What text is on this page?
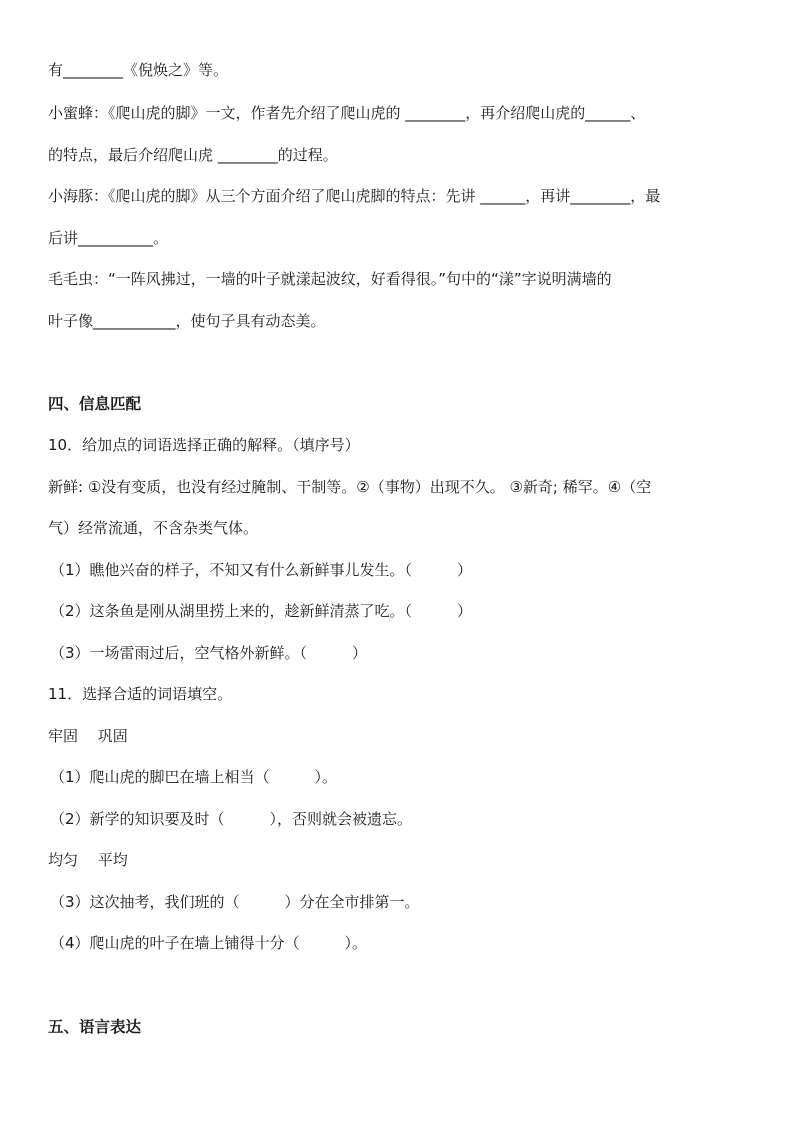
有________《倪焕之》等。
小蜜蜂：《爬山虎的脚》一文，作者先介绍了爬山虎的 ________，再介绍爬山虎的______、
的特点，最后介绍爬山虎 ________的过程。
小海豚：《爬山虎的脚》从三个方面介绍了爬山虎脚的特点：先讲 ______，再讲________，最
后讲__________。
毛毛虫：“一阵风拂过，一墙的叶子就漾起波纹，好看得很。”句中的“漾”字说明满墙的
叶子像___________，使句子具有动态美。
四、信息匹配
10．给加点的词语选择正确的解释。（填序号）
新鲜: ①没有变质，也没有经过腌制、干制等。②（事物）出现不久。 ③新奇; 稀罕。④（空
气）经常流通，不含杂类气体。
（1）瞧他兴奋的样子，不知又有什么新鲜事儿发生。（　　　）
（2）这条鱼是刚从湖里捞上来的，趁新鲜清蒸了吃。（　　　）
（3）一场雷雨过后，空气格外新鲜。（　　　）
11．选择合适的词语填空。
牢固　 巩固
（1）爬山虎的脚巴在墙上相当（　　　）。
（2）新学的知识要及时（　　　），否则就会被遗忘。
均匀　 平均
（3）这次抽考，我们班的（　　　）分在全市排第一。
（4）爬山虎的叶子在墙上铺得十分（　　　）。
五、语言表达
